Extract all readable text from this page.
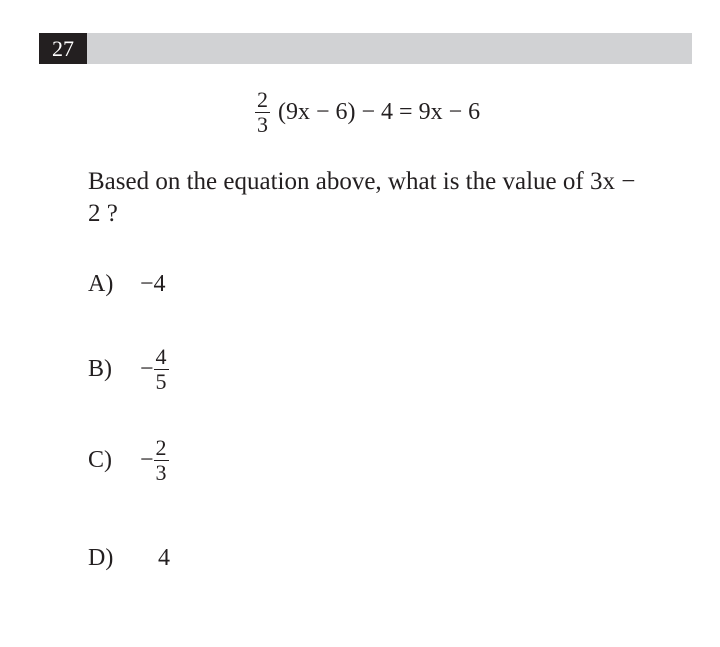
27
$\frac{2}{3} (9x - 6) - 4 = 9x - 6$
Based on the equation above, what is the value of 3x − 2 ?
A)	−4
B)	− $\frac{4}{5}$
C)	− $\frac{2}{3}$
D)	4
